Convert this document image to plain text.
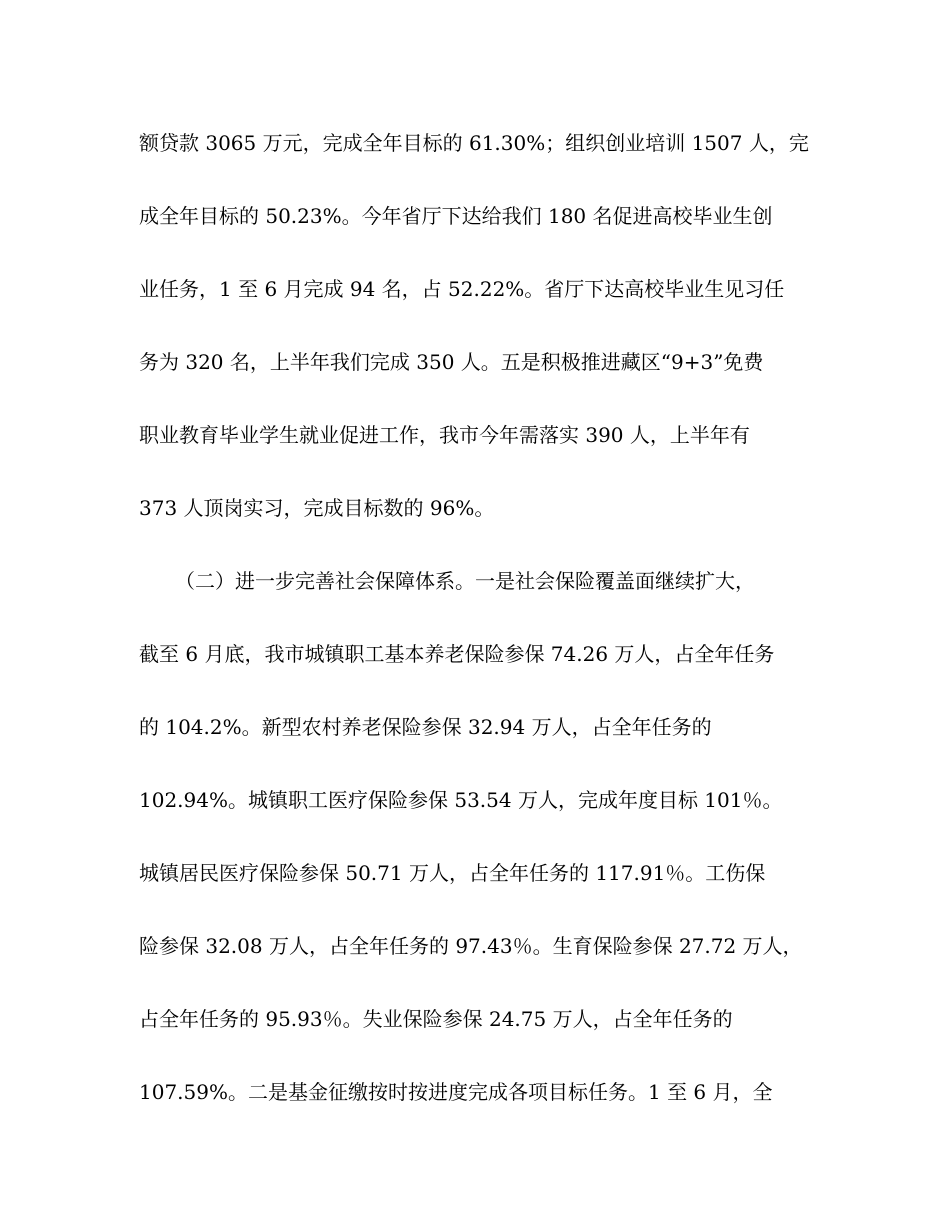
额贷款 3065 万元，完成全年目标的 61.30%；组织创业培训 1507 人，完

成全年目标的 50.23%。今年省厅下达给我们 180 名促进高校毕业生创

业任务，1 至 6 月完成 94 名，占 52.22%。省厅下达高校毕业生见习任

务为 320 名，上半年我们完成 350 人。五是积极推进藏区“9+3”免费

职业教育毕业学生就业促进工作，我市今年需落实 390 人，上半年有

373 人顶岗实习，完成目标数的 96%。

（二）进一步完善社会保障体系。一是社会保险覆盖面继续扩大，

截至 6 月底，我市城镇职工基本养老保险参保 74.26 万人，占全年任务

的 104.2%。新型农村养老保险参保 32.94 万人，占全年任务的

102.94%。城镇职工医疗保险参保 53.54 万人，完成年度目标 101％。

城镇居民医疗保险参保 50.71 万人，占全年任务的 117.91％。工伤保

险参保 32.08 万人，占全年任务的 97.43％。生育保险参保 27.72 万人，

占全年任务的 95.93％。失业保险参保 24.75 万人，占全年任务的

107.59%。二是基金征缴按时按进度完成各项目标任务。1 至 6 月，全
